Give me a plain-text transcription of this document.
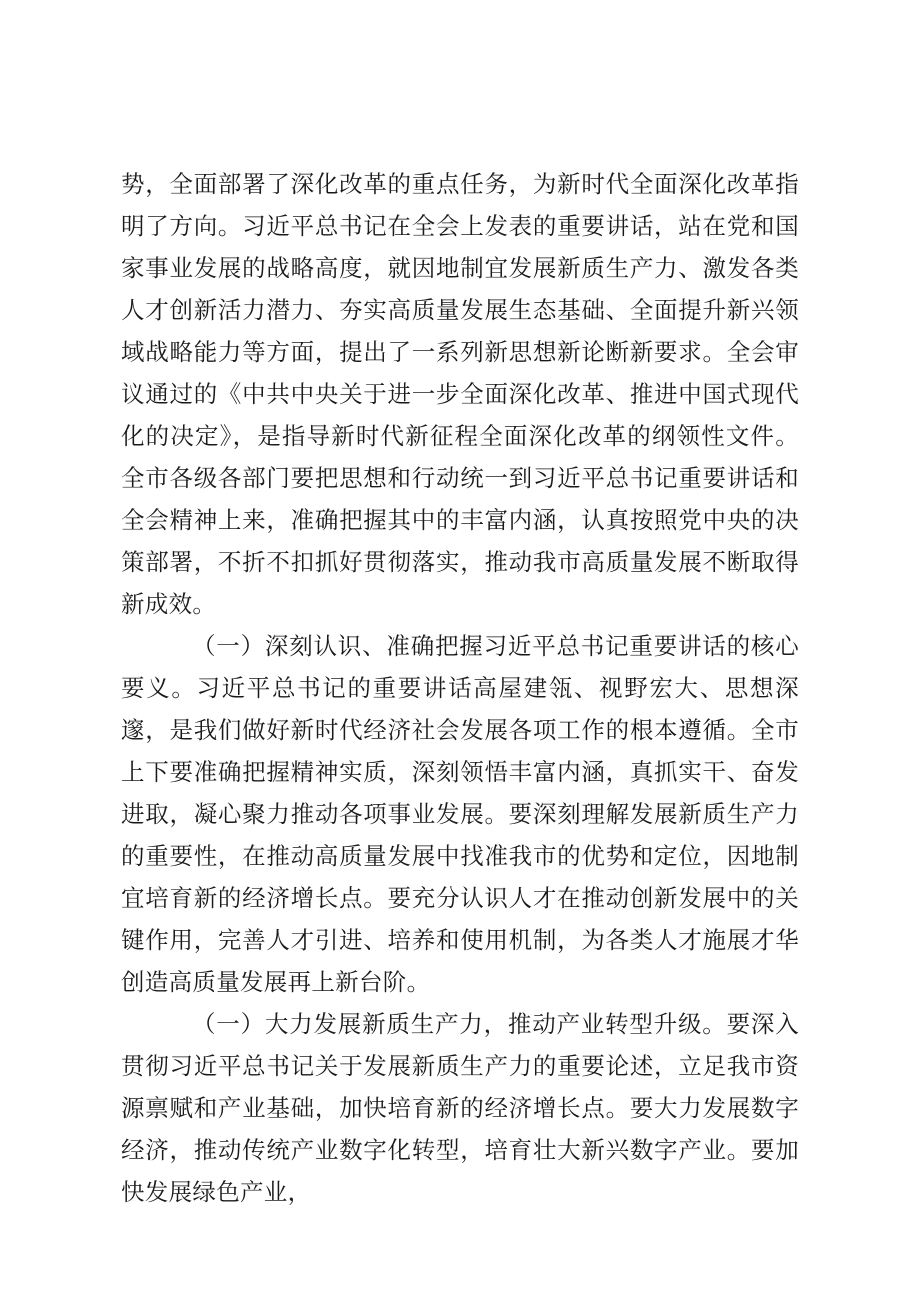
势，全面部署了深化改革的重点任务，为新时代全面深化改革指明了方向。习近平总书记在全会上发表的重要讲话，站在党和国家事业发展的战略高度，就因地制宜发展新质生产力、激发各类人才创新活力潜力、夯实高质量发展生态基础、全面提升新兴领域战略能力等方面，提出了一系列新思想新论断新要求。全会审议通过的《中共中央关于进一步全面深化改革、推进中国式现代化的决定》，是指导新时代新征程全面深化改革的纲领性文件。全市各级各部门要把思想和行动统一到习近平总书记重要讲话和全会精神上来，准确把握其中的丰富内涵，认真按照党中央的决策部署，不折不扣抓好贯彻落实，推动我市高质量发展不断取得新成效。

（一）深刻认识、准确把握习近平总书记重要讲话的核心要义。习近平总书记的重要讲话高屋建瓴、视野宏大、思想深邃，是我们做好新时代经济社会发展各项工作的根本遵循。全市上下要准确把握精神实质，深刻领悟丰富内涵，真抓实干、奋发进取，凝心聚力推动各项事业发展。要深刻理解发展新质生产力的重要性，在推动高质量发展中找准我市的优势和定位，因地制宜培育新的经济增长点。要充分认识人才在推动创新发展中的关键作用，完善人才引进、培养和使用机制，为各类人才施展才华创造高质量发展再上新台阶。

（一）大力发展新质生产力，推动产业转型升级。要深入贯彻习近平总书记关于发展新质生产力的重要论述，立足我市资源禀赋和产业基础，加快培育新的经济增长点。要大力发展数字经济，推动传统产业数字化转型，培育壮大新兴数字产业。要加快发展绿色产业，
